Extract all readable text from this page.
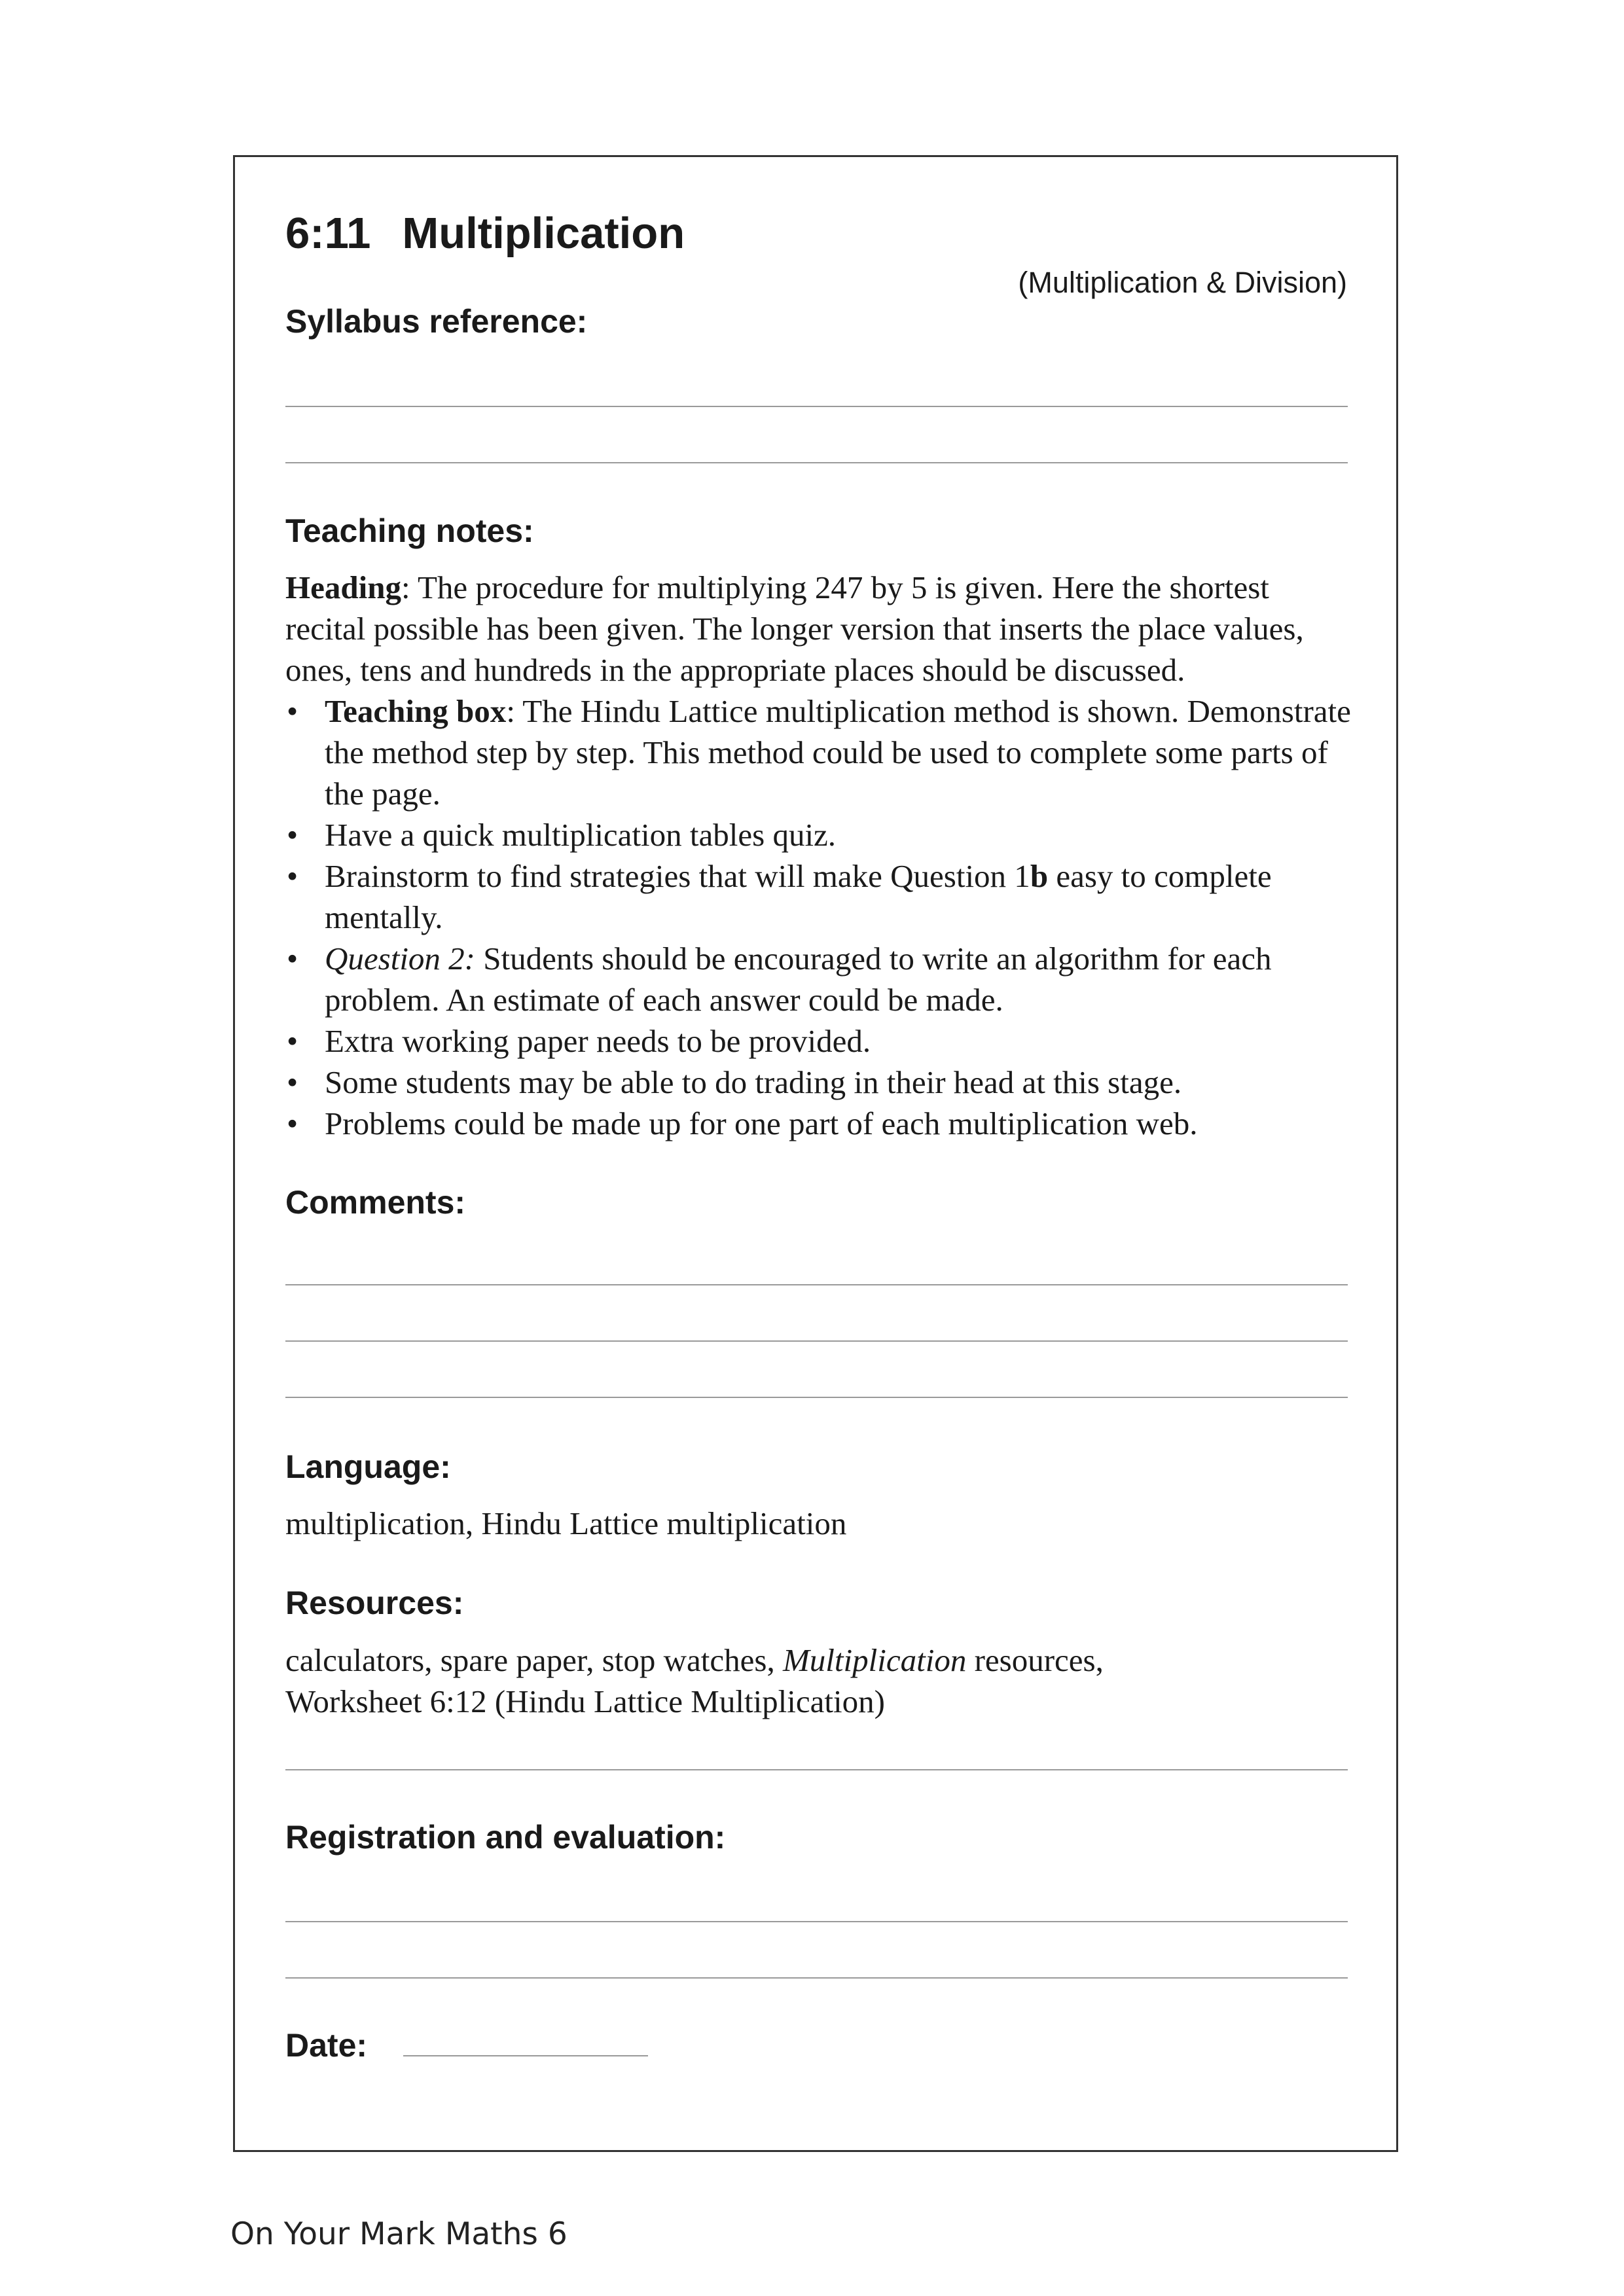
6:11 Multiplication
(Multiplication & Division)
Syllabus reference:
Teaching notes:
Heading: The procedure for multiplying 247 by 5 is given. Here the shortest recital possible has been given. The longer version that inserts the place values, ones, tens and hundreds in the appropriate places should be discussed.
• Teaching box: The Hindu Lattice multiplication method is shown. Demonstrate the method step by step. This method could be used to complete some parts of the page.
• Have a quick multiplication tables quiz.
• Brainstorm to find strategies that will make Question 1b easy to complete mentally.
• Question 2: Students should be encouraged to write an algorithm for each problem. An estimate of each answer could be made.
• Extra working paper needs to be provided.
• Some students may be able to do trading in their head at this stage.
• Problems could be made up for one part of each multiplication web.
Comments:
Language:
multiplication, Hindu Lattice multiplication
Resources:
calculators, spare paper, stop watches, Multiplication resources,
Worksheet 6:12 (Hindu Lattice Multiplication)
Registration and evaluation:
Date:
On Your Mark Maths 6
